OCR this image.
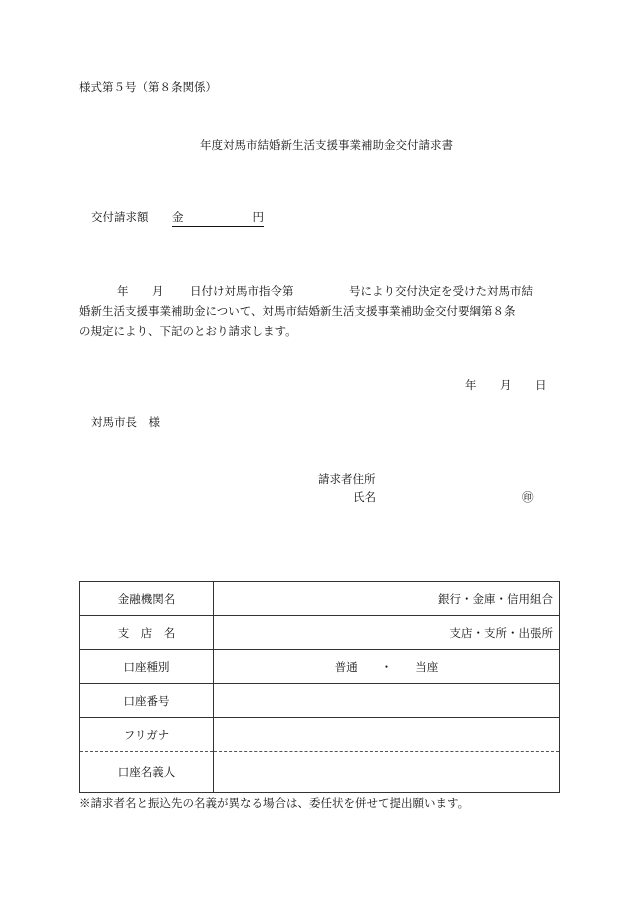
様式第５号（第８条関係）
年度対馬市結婚新生活支援事業補助金交付請求書
交付請求額 金	円
年 月 日付け対馬市指令第	号により交付決定を受けた対馬市結
婚新生活支援事業補助金について、対馬市結婚新生活支援事業補助金交付要綱第８条
の規定により、下記のとおり請求します。
年 月 日
対馬市長　様
請求者住所
氏名	㊞
金融機関名	銀行・金庫・信用組合
支　店　名	支店・支所・出張所
口座種別	普通　　・　　当座
口座番号	
フリガナ	
口座名義人	
※請求者名と振込先の名義が異なる場合は、委任状を併せて提出願います。
